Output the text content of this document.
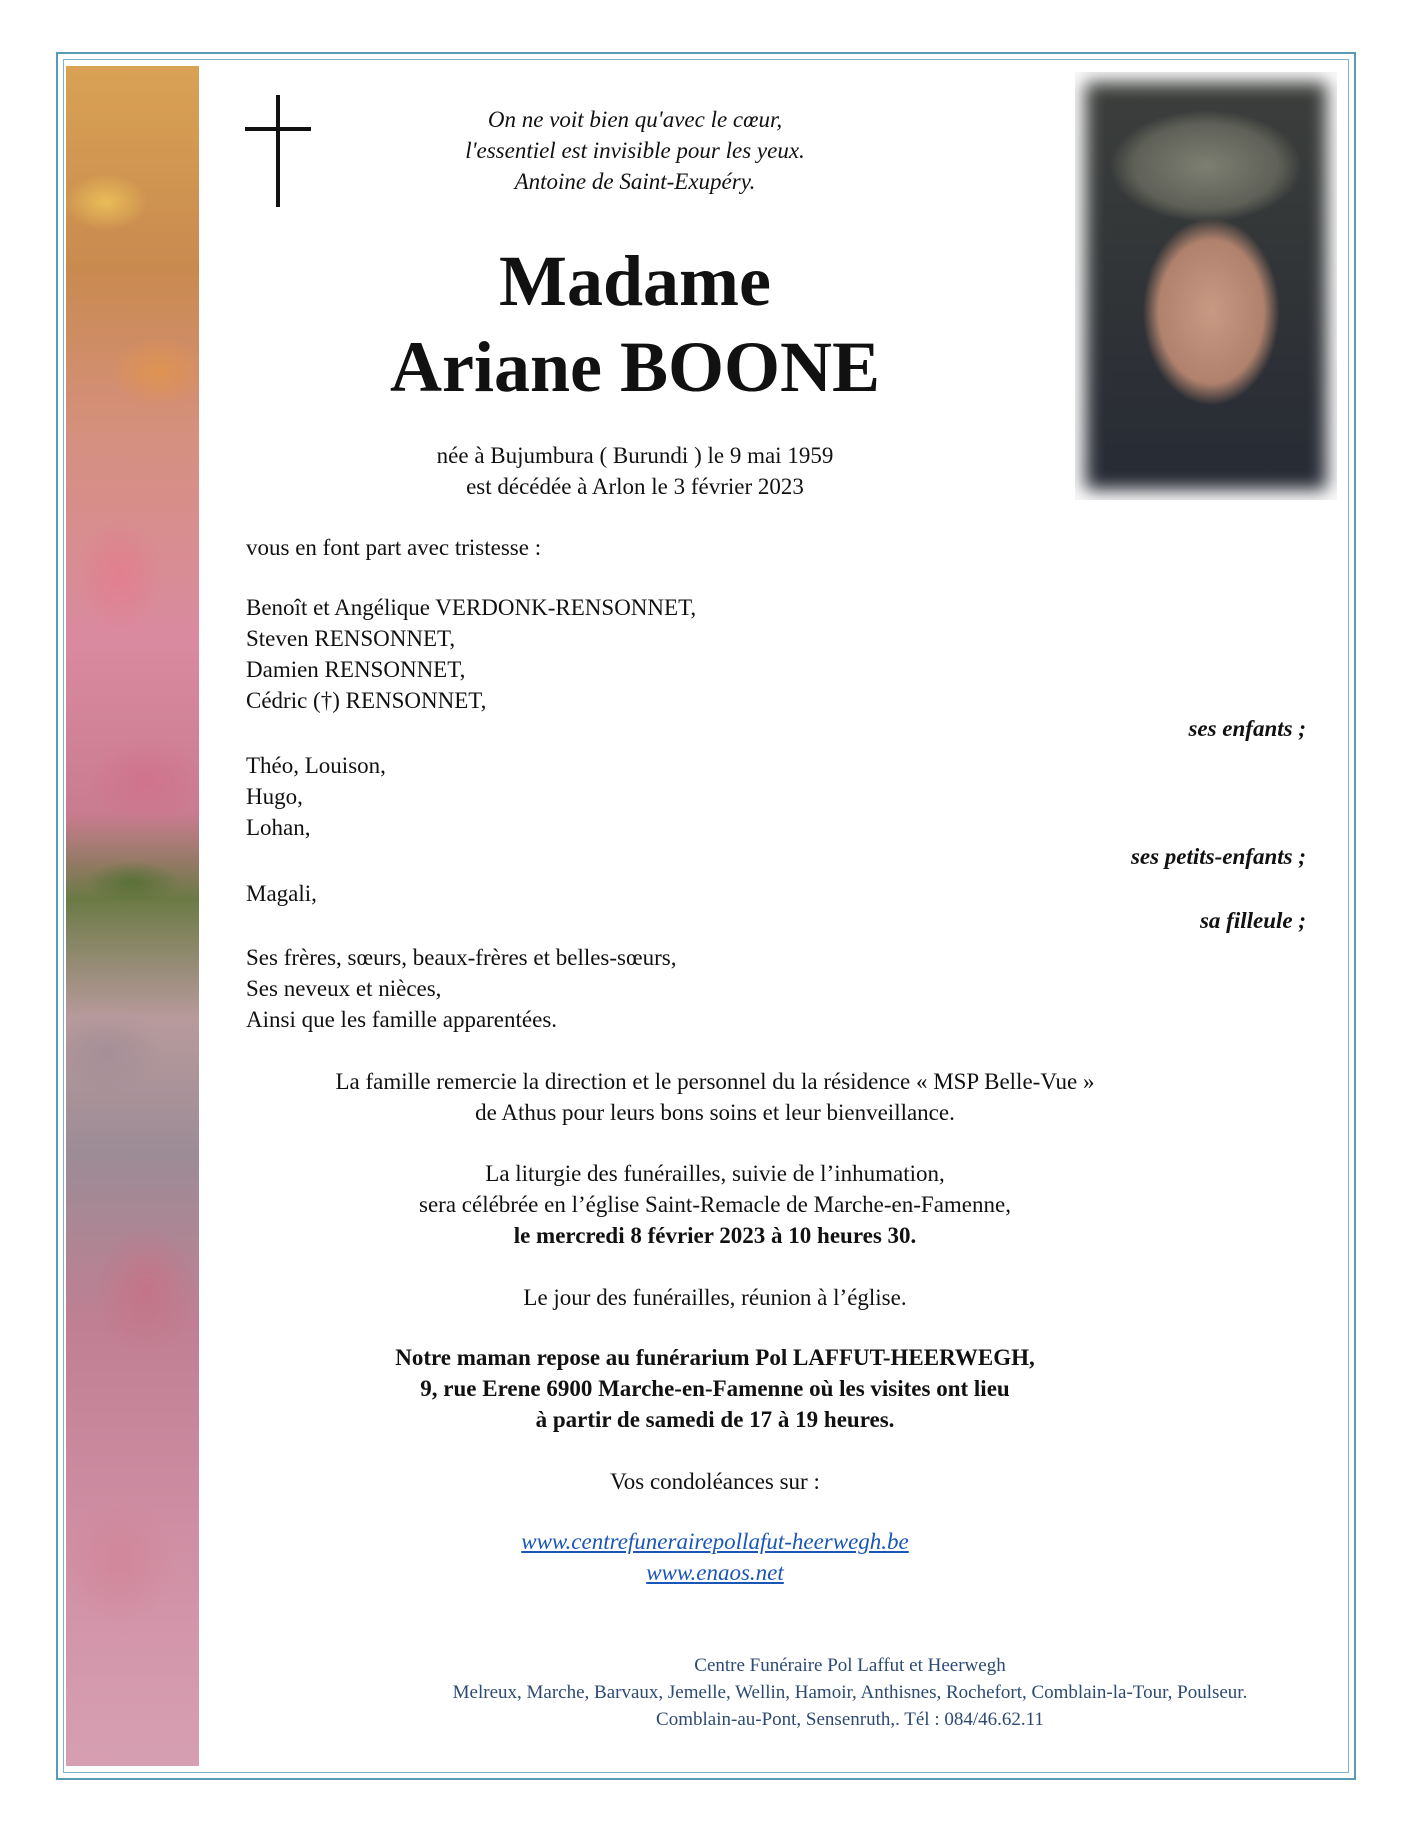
On ne voit bien qu'avec le cœur,
l'essentiel est invisible pour les yeux.
Antoine de Saint-Exupéry.
Madame
Ariane BOONE
née à Bujumbura ( Burundi ) le 9 mai 1959
est décédée à Arlon le 3 février 2023
vous en font part avec tristesse :
Benoît et Angélique VERDONK-RENSONNET,
Steven RENSONNET,
Damien RENSONNET,
Cédric (†) RENSONNET,
ses enfants ;
Théo, Louison,
Hugo,
Lohan,
ses petits-enfants ;
Magali,
sa filleule ;
Ses frères, sœurs, beaux-frères et belles-sœurs,
Ses neveux et nièces,
Ainsi que les famille apparentées.
La famille remercie la direction et le personnel du la résidence « MSP Belle-Vue »
de Athus pour leurs bons soins et leur bienveillance.
La liturgie des funérailles, suivie de l’inhumation,
sera célébrée en l’église Saint-Remacle de Marche-en-Famenne,
le mercredi 8 février 2023 à 10 heures 30.
Le jour des funérailles, réunion à l’église.
Notre maman repose au funérarium Pol LAFFUT-HEERWEGH,
9, rue Erene 6900 Marche-en-Famenne où les visites ont lieu
à partir de samedi de 17 à 19 heures.
Vos condoléances sur :
www.centrefunerairepollafut-heerwegh.be
www.enaos.net
Centre Funéraire Pol Laffut et Heerwegh
Melreux, Marche, Barvaux, Jemelle, Wellin, Hamoir, Anthisnes, Rochefort, Comblain-la-Tour, Poulseur.
Comblain-au-Pont, Sensenruth,. Tél : 084/46.62.11
